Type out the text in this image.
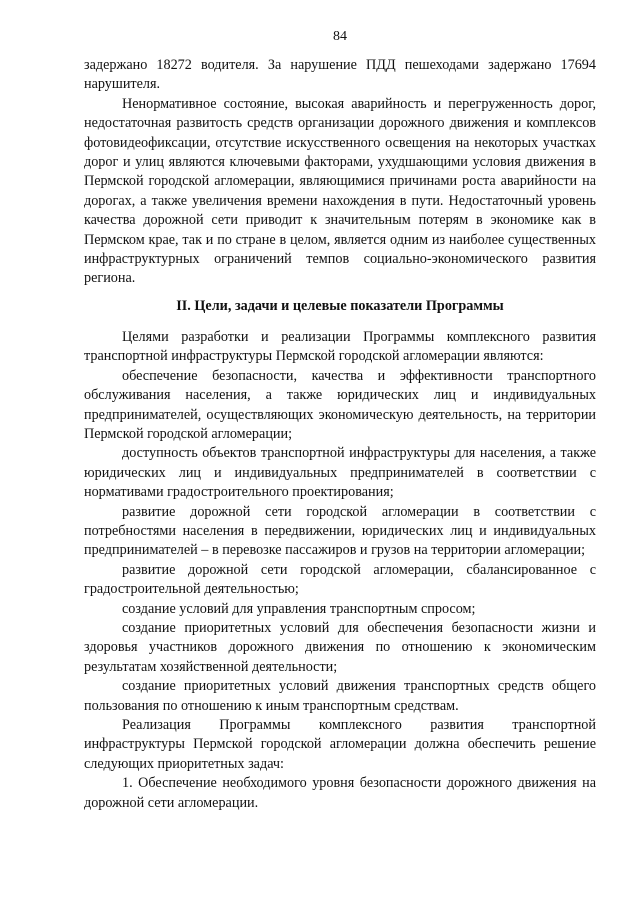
84

задержано 18272 водителя. За нарушение ПДД пешеходами задержано 17694 нарушителя.

Ненормативное состояние, высокая аварийность и перегруженность дорог, недостаточная развитость средств организации дорожного движения и комплексов фотовидеофиксации, отсутствие искусственного освещения на некоторых участках дорог и улиц являются ключевыми факторами, ухудшающими условия движения в Пермской городской агломерации, являющимися причинами роста аварийности на дорогах, а также увеличения времени нахождения в пути. Недостаточный уровень качества дорожной сети приводит к значительным потерям в экономике как в Пермском крае, так и по стране в целом, является одним из наиболее существенных инфраструктурных ограничений темпов социально-экономического развития региона.

II. Цели, задачи и целевые показатели Программы

Целями разработки и реализации Программы комплексного развития транспортной инфраструктуры Пермской городской агломерации являются:

обеспечение безопасности, качества и эффективности транспортного обслуживания населения, а также юридических лиц и индивидуальных предпринимателей, осуществляющих экономическую деятельность, на территории Пермской городской агломерации;

доступность объектов транспортной инфраструктуры для населения, а также юридических лиц и индивидуальных предпринимателей в соответствии с нормативами градостроительного проектирования;

развитие дорожной сети городской агломерации в соответствии с потребностями населения в передвижении, юридических лиц и индивидуальных предпринимателей – в перевозке пассажиров и грузов на территории агломерации;

развитие дорожной сети городской агломерации, сбалансированное с градостроительной деятельностью;

создание условий для управления транспортным спросом;

создание приоритетных условий для обеспечения безопасности жизни и здоровья участников дорожного движения по отношению к экономическим результатам хозяйственной деятельности;

создание приоритетных условий движения транспортных средств общего пользования по отношению к иным транспортным средствам.

Реализация Программы комплексного развития транспортной инфраструктуры Пермской городской агломерации должна обеспечить решение следующих приоритетных задач:

1. Обеспечение необходимого уровня безопасности дорожного движения на дорожной сети агломерации.
